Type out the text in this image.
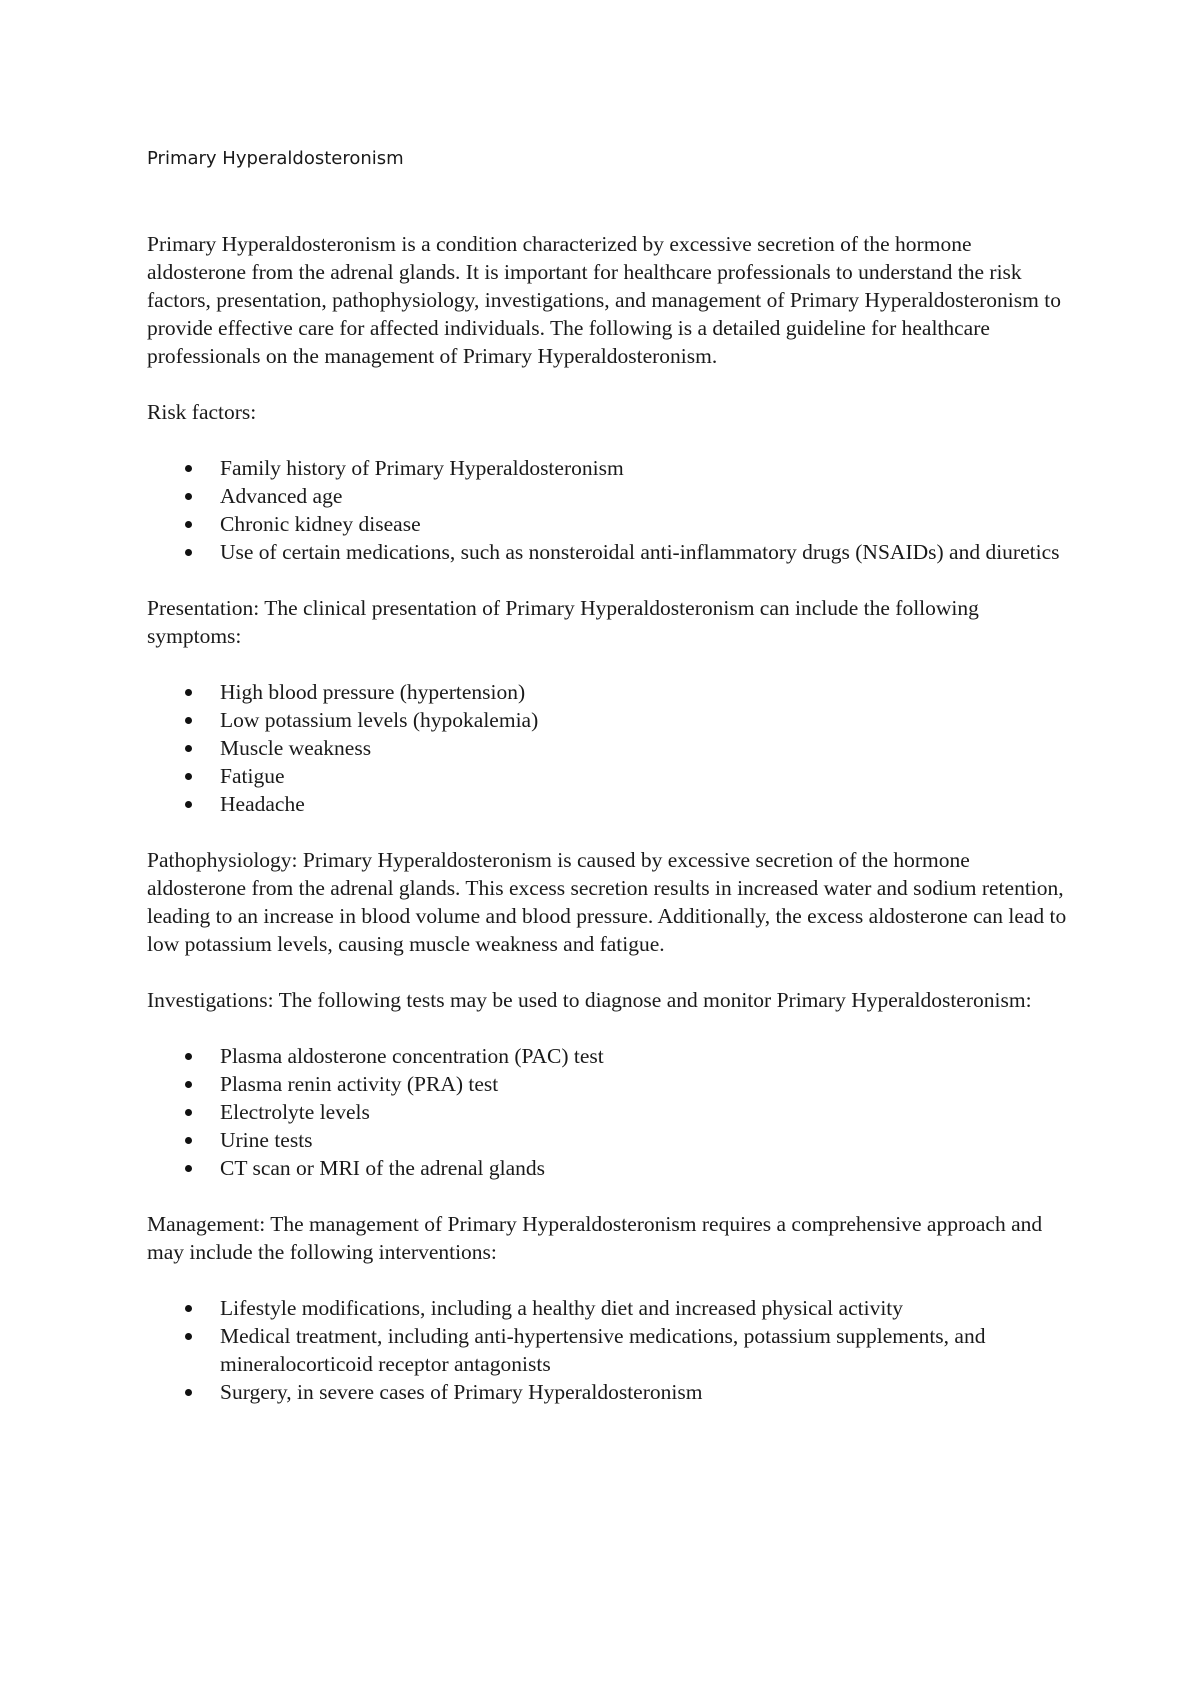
Primary Hyperaldosteronism

Primary Hyperaldosteronism is a condition characterized by excessive secretion of the hormone aldosterone from the adrenal glands. It is important for healthcare professionals to understand the risk factors, presentation, pathophysiology, investigations, and management of Primary Hyperaldosteronism to provide effective care for affected individuals. The following is a detailed guideline for healthcare professionals on the management of Primary Hyperaldosteronism.

Risk factors:

Family history of Primary Hyperaldosteronism
Advanced age
Chronic kidney disease
Use of certain medications, such as nonsteroidal anti-inflammatory drugs (NSAIDs) and diuretics

Presentation: The clinical presentation of Primary Hyperaldosteronism can include the following symptoms:

High blood pressure (hypertension)
Low potassium levels (hypokalemia)
Muscle weakness
Fatigue
Headache

Pathophysiology: Primary Hyperaldosteronism is caused by excessive secretion of the hormone aldosterone from the adrenal glands. This excess secretion results in increased water and sodium retention, leading to an increase in blood volume and blood pressure. Additionally, the excess aldosterone can lead to low potassium levels, causing muscle weakness and fatigue.

Investigations: The following tests may be used to diagnose and monitor Primary Hyperaldosteronism:

Plasma aldosterone concentration (PAC) test
Plasma renin activity (PRA) test
Electrolyte levels
Urine tests
CT scan or MRI of the adrenal glands

Management: The management of Primary Hyperaldosteronism requires a comprehensive approach and may include the following interventions:

Lifestyle modifications, including a healthy diet and increased physical activity
Medical treatment, including anti-hypertensive medications, potassium supplements, and mineralocorticoid receptor antagonists
Surgery, in severe cases of Primary Hyperaldosteronism
